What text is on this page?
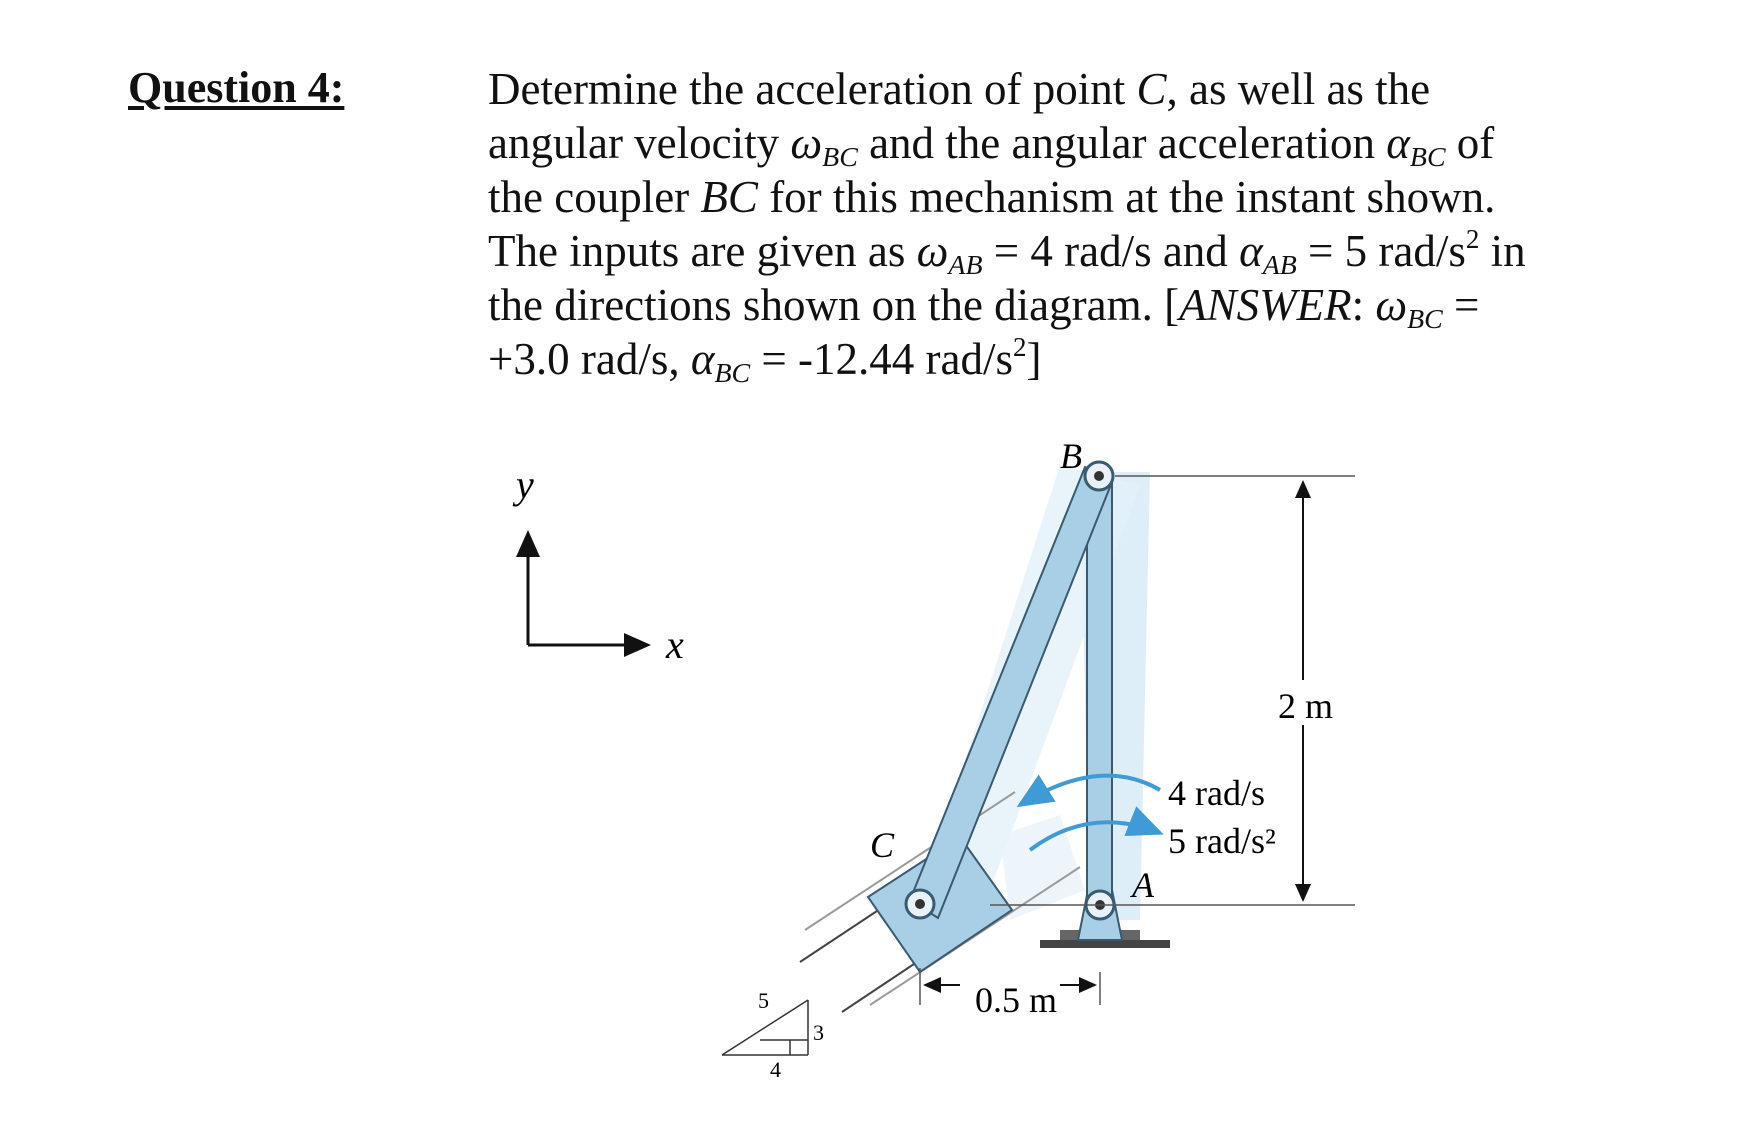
Question 4:	Determine the acceleration of point C, as well as the
angular velocity $\omega_{BC}$ and the angular acceleration $\alpha_{BC}$ of
the coupler BC for this mechanism at the instant shown.
The inputs are given as $\omega_{AB} = 4$ rad/s and $\alpha_{AB} = 5$ rad/$s^2$ in
the directions shown on the diagram. [ANSWER: $\omega_{BC}$ =
+3.0 rad/s, $\alpha_{BC} = -12.44$ rad/$s^2$]
y
x
B
C
A
4 rad/s
5 rad/s²
2 m
0.5 m
5
3
4
